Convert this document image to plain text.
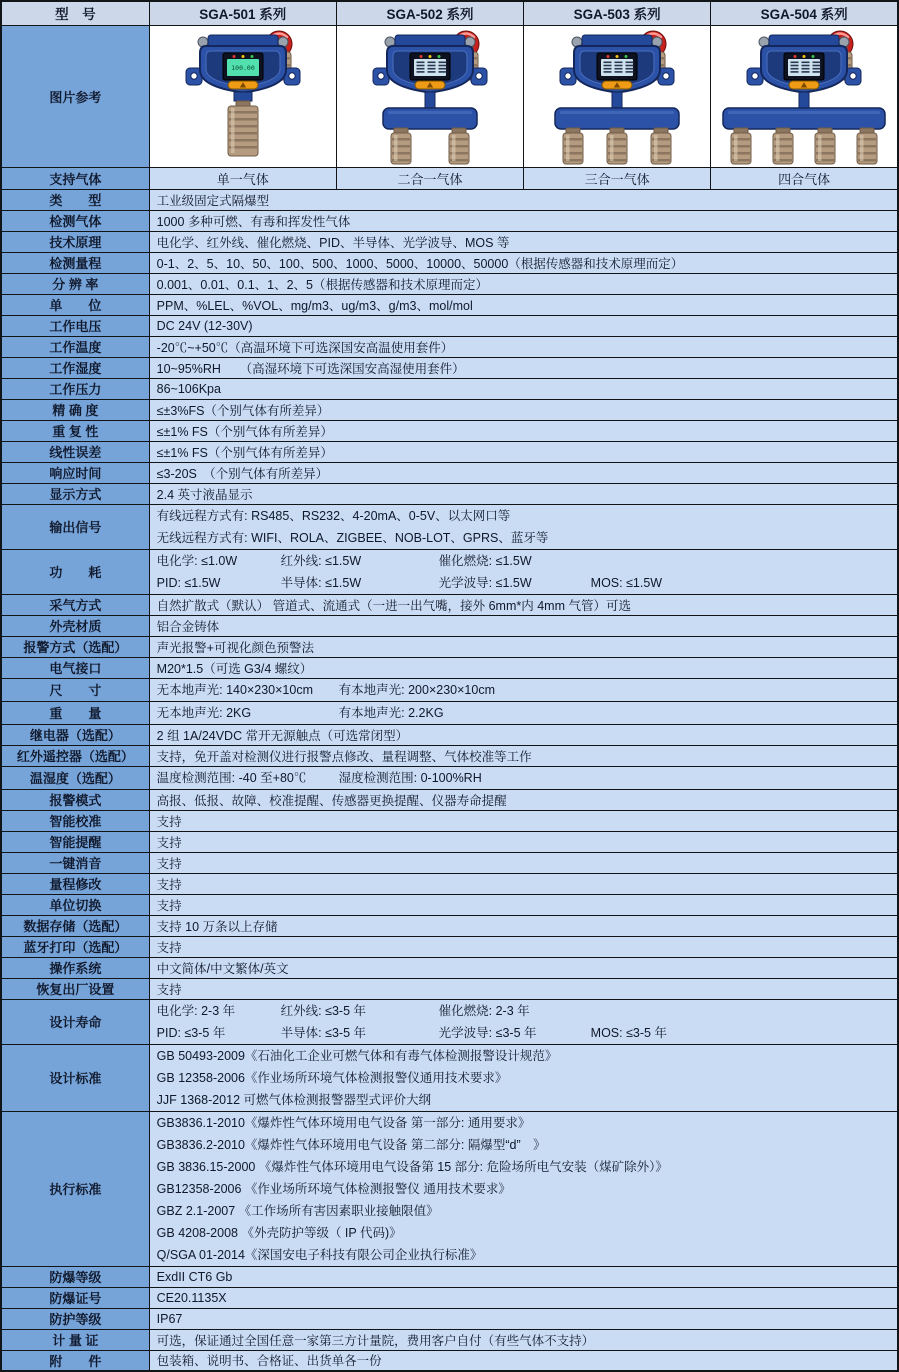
型　号	SGA-501 系列	SGA-502 系列	SGA-503 系列	SGA-504 系列
图片参考	100.00

支持气体	单一气体	二合一气体	三合一气体	四合气体
类　　型	工业级固定式隔爆型			
检测气体	1000 多种可燃、有毒和挥发性气体			
技术原理	电化学、红外线、催化燃烧、PID、半导体、光学波导、MOS 等			
检测量程	0-1、2、5、10、50、100、500、1000、5000、10000、50000（根据传感器和技术原理而定）			
分 辨 率	0.001、0.01、0.1、1、2、5（根据传感器和技术原理而定）			
单　　位	PPM、%LEL、%VOL、mg/m3、ug/m3、g/m3、mol/mol			
工作电压	DC 24V (12-30V)			
工作温度	-20℃~+50℃（高温环境下可选深国安高温使用套件）			
工作湿度	10~95%RH　　（高湿环境下可选深国安高湿使用套件）			
工作压力	86~106Kpa			
精 确 度	≤±3%FS（个别气体有所差异）			
重 复 性	≤±1% FS（个别气体有所差异）			
线性误差	≤±1% FS（个别气体有所差异）			
响应时间	≤3-20S　（个别气体有所差异）			
显示方式	2.4 英寸液晶显示			
输出信号	有线远程方式有: RS485、RS232、4-20mA、0-5V、以太网口等
无线远程方式有: WIFI、ROLA、ZIGBEE、NOB-LOT、GPRS、蓝牙等			

功　　耗	电化学: ≤1.0W 红外线: ≤1.5W 催化燃烧: ≤1.5W
PID: ≤1.5W 半导体: ≤1.5W 光学波导: ≤1.5W MOS: ≤1.5W			

采气方式	自然扩散式（默认） 管道式、流通式（一进一出气嘴，接外 6mm*内 4mm 气管）可选			
外壳材质	铝合金铸体			
报警方式（选配）	声光报警+可视化颜色预警法			
电气接口	M20*1.5（可选 G3/4 螺纹）			
尺　　寸	无本地声光: 140×230×10cm 有本地声光: 200×230×10cm			

重　　量	无本地声光: 2KG 有本地声光: 2.2KG			

继电器（选配）	2 组 1A/24VDC 常开无源触点（可选常闭型）			
红外遥控器（选配）	支持，免开盖对检测仪进行报警点修改、量程调整、气体校准等工作			
温湿度（选配）	温度检测范围: -40 至+80℃ 湿度检测范围: 0-100%RH			

报警模式	高报、低报、故障、校准提醒、传感器更换提醒、仪器寿命提醒			
智能校准	支持			
智能提醒	支持			
一键消音	支持			
量程修改	支持			
单位切换	支持			
数据存储（选配）	支持 10 万条以上存储			
蓝牙打印（选配）	支持			
操作系统	中文简体/中文繁体/英文			
恢复出厂设置	支持			
设计寿命	电化学: 2-3 年 红外线: ≤3-5 年 催化燃烧: 2-3 年
PID: ≤3-5 年 半导体: ≤3-5 年 光学波导: ≤3-5 年 MOS: ≤3-5 年			

设计标准	GB 50493-2009《石油化工企业可燃气体和有毒气体检测报警设计规范》
GB 12358-2006《作业场所环境气体检测报警仪通用技术要求》
JJF 1368-2012 可燃气体检测报警器型式评价大纲			

执行标准	
GB3836.1-2010《爆炸性气体环境用电气设备 第一部分: 通用要求》
GB3836.2-2010《爆炸性气体环境用电气设备 第二部分: 隔爆型“d”　》
GB 3836.15-2000 《爆炸性气体环境用电气设备第 15 部分: 危险场所电气安装（煤矿除外）》
GB12358-2006 《作业场所环境气体检测报警仪 通用技术要求》
GBZ 2.1-2007 《工作场所有害因素职业接触限值》
GB 4208-2008 《外壳防护等级（ IP 代码)》
Q/SGA 01-2014《深国安电子科技有限公司企业执行标准》

防爆等级	ExdII CT6 Gb			
防爆证号	CE20.1135X			
防护等级	IP67			
计 量 证	可选，保证通过全国任意一家第三方计量院，费用客户自付（有些气体不支持）			
附　　件	包装箱、说明书、合格证、出货单各一份			
